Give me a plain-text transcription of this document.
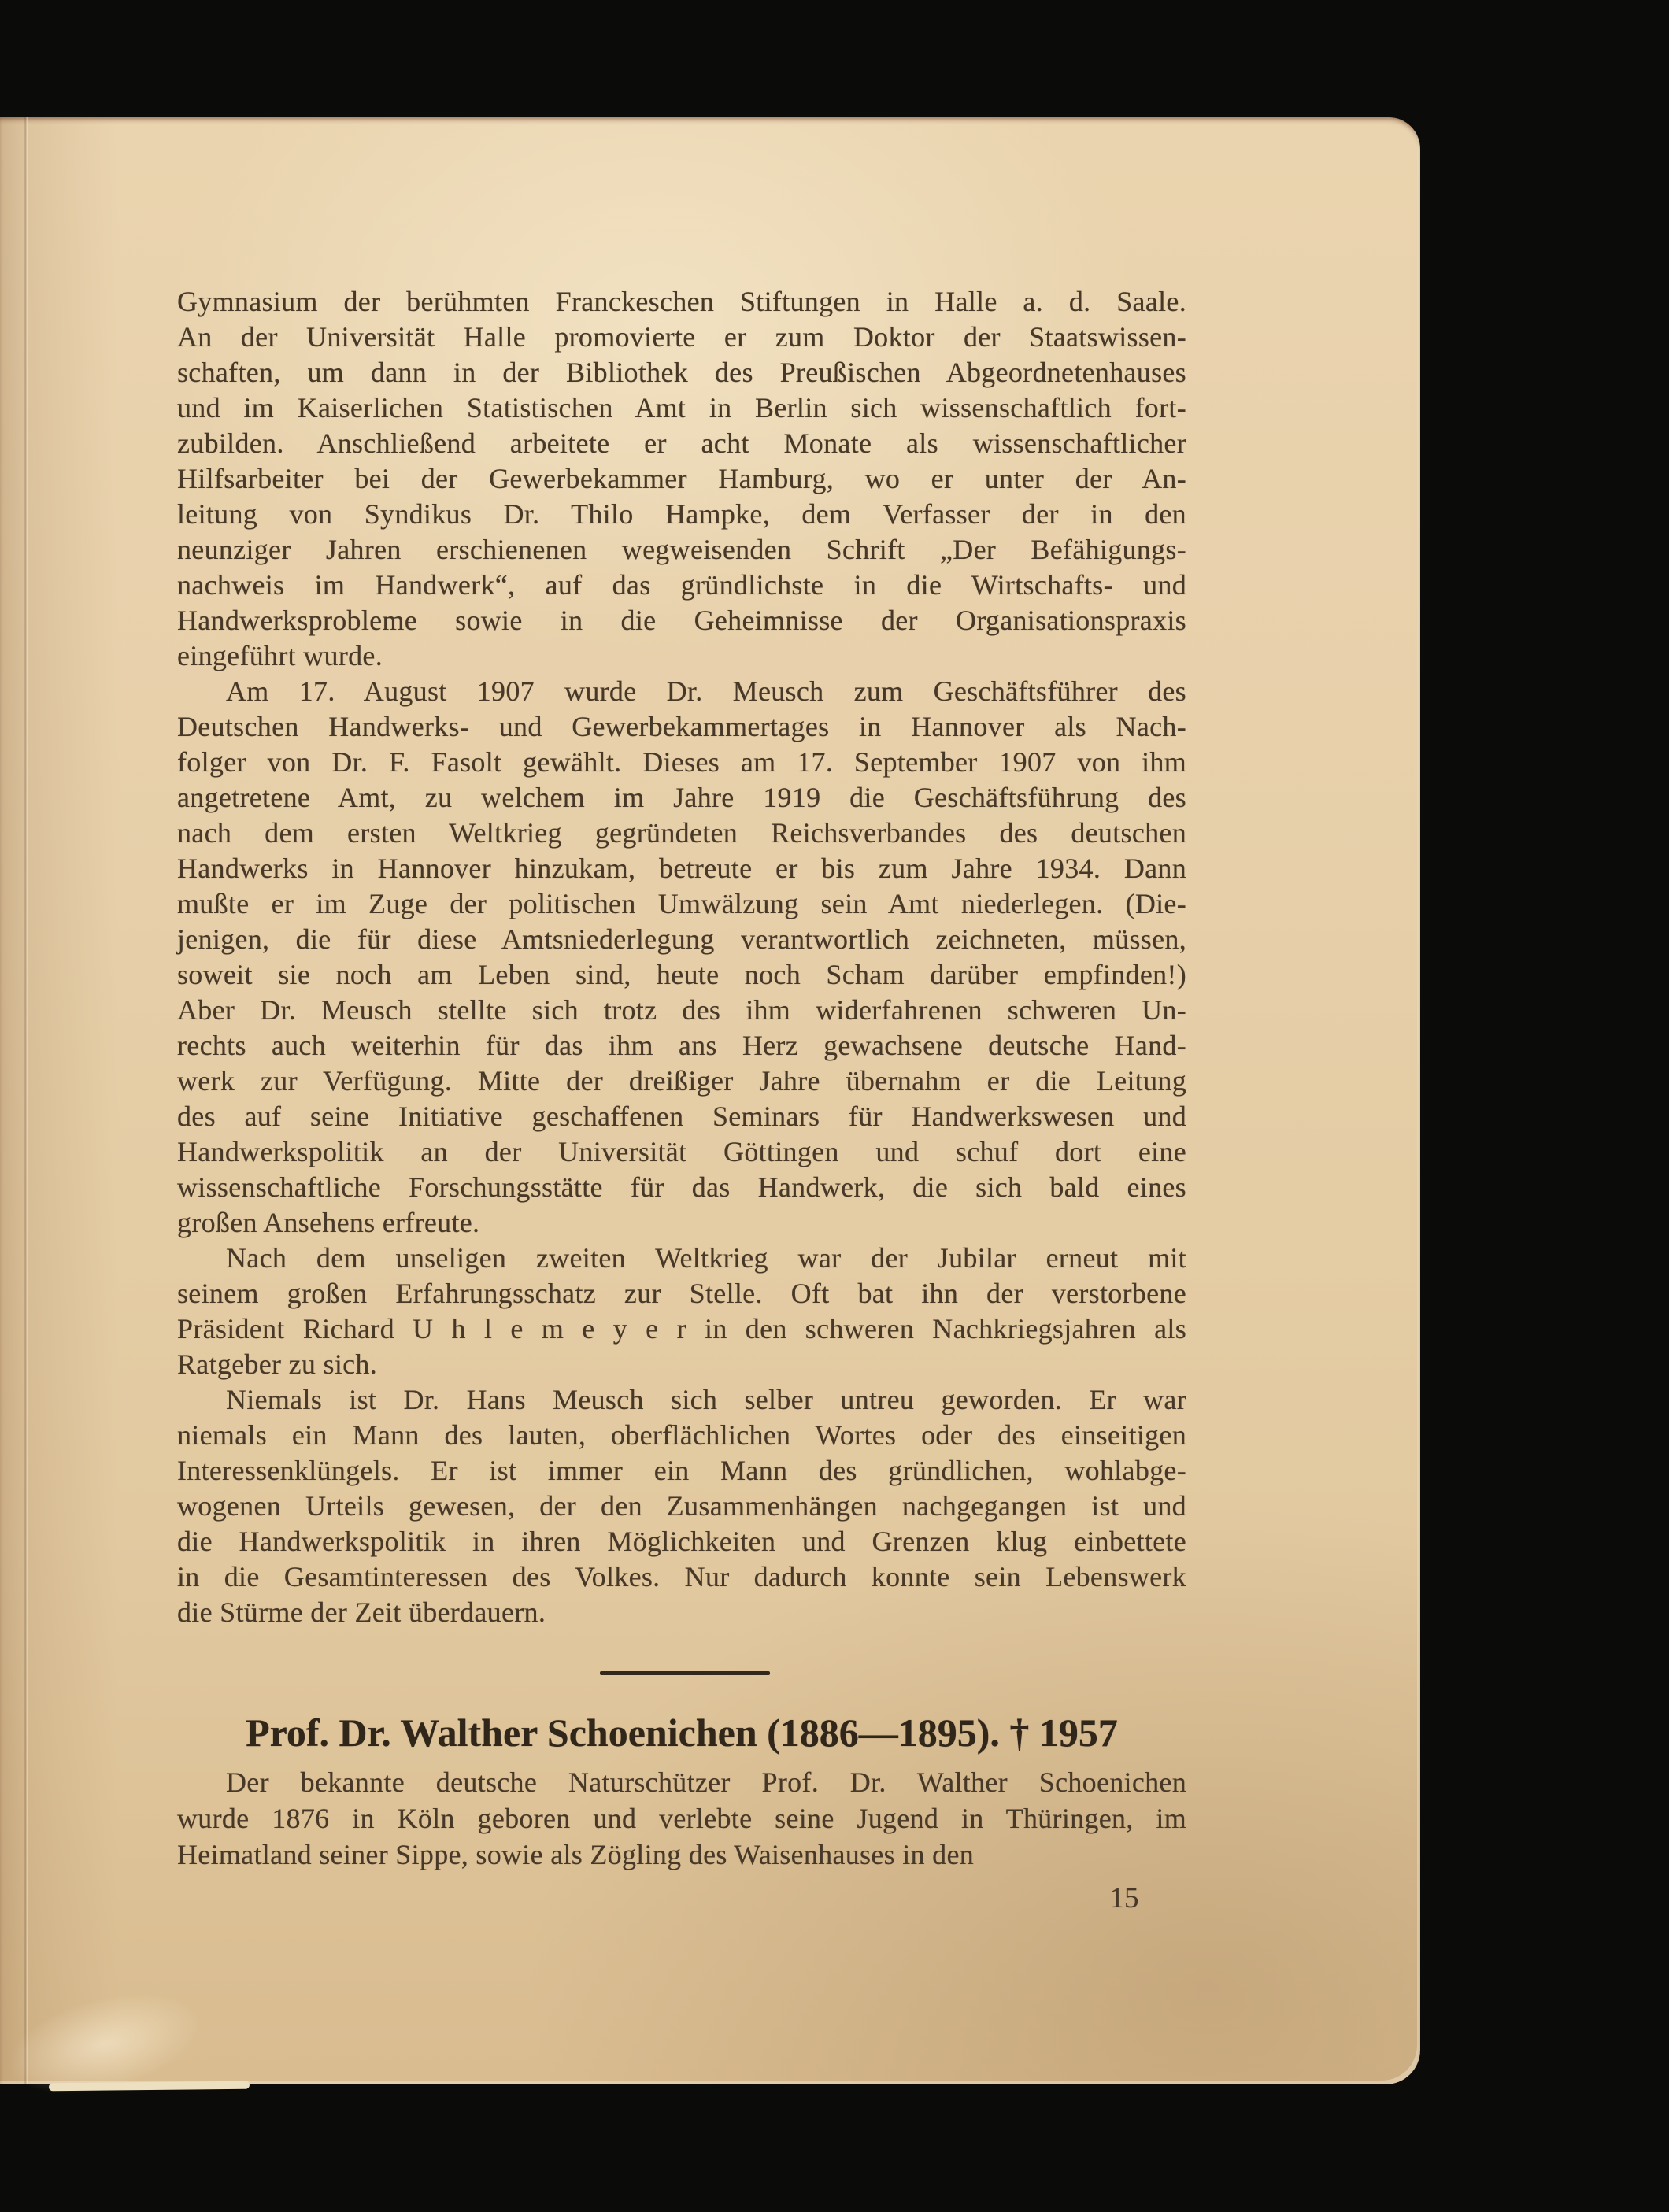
Gymnasium der berühmten Franckeschen Stiftungen in Halle a. d. Saale.
An der Universität Halle promovierte er zum Doktor der Staatswissen-
schaften, um dann in der Bibliothek des Preußischen Abgeordnetenhauses
und im Kaiserlichen Statistischen Amt in Berlin sich wissenschaftlich fort-
zubilden. Anschließend arbeitete er acht Monate als wissenschaftlicher
Hilfsarbeiter bei der Gewerbekammer Hamburg, wo er unter der An-
leitung von Syndikus Dr. Thilo Hampke, dem Verfasser der in den
neunziger Jahren erschienenen wegweisenden Schrift „Der Befähigungs-
nachweis im Handwerk“, auf das gründlichste in die Wirtschafts- und
Handwerksprobleme sowie in die Geheimnisse der Organisationspraxis
eingeführt wurde.
Am 17. August 1907 wurde Dr. Meusch zum Geschäftsführer des
Deutschen Handwerks- und Gewerbekammertages in Hannover als Nach-
folger von Dr. F. Fasolt gewählt. Dieses am 17. September 1907 von ihm
angetretene Amt, zu welchem im Jahre 1919 die Geschäftsführung des
nach dem ersten Weltkrieg gegründeten Reichsverbandes des deutschen
Handwerks in Hannover hinzukam, betreute er bis zum Jahre 1934. Dann
mußte er im Zuge der politischen Umwälzung sein Amt niederlegen. (Die-
jenigen, die für diese Amtsniederlegung verantwortlich zeichneten, müssen,
soweit sie noch am Leben sind, heute noch Scham darüber empfinden!)
Aber Dr. Meusch stellte sich trotz des ihm widerfahrenen schweren Un-
rechts auch weiterhin für das ihm ans Herz gewachsene deutsche Hand-
werk zur Verfügung. Mitte der dreißiger Jahre übernahm er die Leitung
des auf seine Initiative geschaffenen Seminars für Handwerkswesen und
Handwerkspolitik an der Universität Göttingen und schuf dort eine
wissenschaftliche Forschungsstätte für das Handwerk, die sich bald eines
großen Ansehens erfreute.
Nach dem unseligen zweiten Weltkrieg war der Jubilar erneut mit
seinem großen Erfahrungsschatz zur Stelle. Oft bat ihn der verstorbene
Präsident Richard U h l e m e y e r in den schweren Nachkriegsjahren als
Ratgeber zu sich.
Niemals ist Dr. Hans Meusch sich selber untreu geworden. Er war
niemals ein Mann des lauten, oberflächlichen Wortes oder des einseitigen
Interessenklüngels. Er ist immer ein Mann des gründlichen, wohlabge-
wogenen Urteils gewesen, der den Zusammenhängen nachgegangen ist und
die Handwerkspolitik in ihren Möglichkeiten und Grenzen klug einbettete
in die Gesamtinteressen des Volkes. Nur dadurch konnte sein Lebenswerk
die Stürme der Zeit überdauern.
Prof. Dr. Walther Schoenichen (1886—1895). † 1957
Der bekannte deutsche Naturschützer Prof. Dr. Walther Schoenichen
wurde 1876 in Köln geboren und verlebte seine Jugend in Thüringen, im
Heimatland seiner Sippe, sowie als Zögling des Waisenhauses in den
15
